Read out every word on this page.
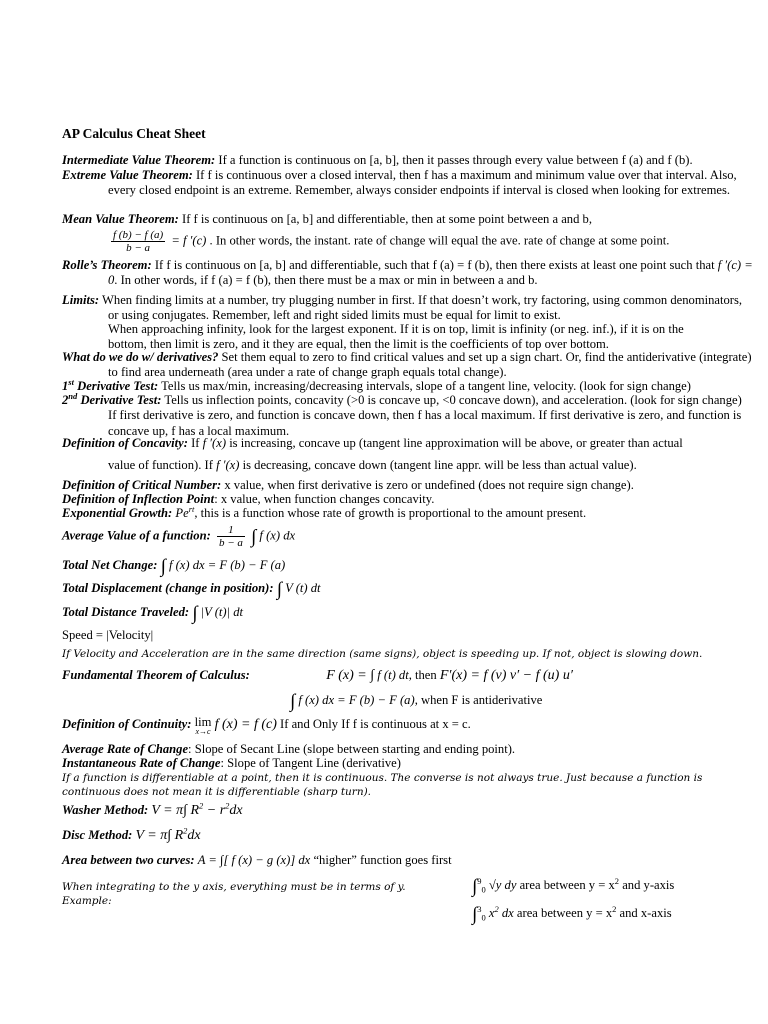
AP Calculus Cheat Sheet
Intermediate Value Theorem: If a function is continuous on [a, b], then it passes through every value between f (a) and f (b).
Extreme Value Theorem: If f is continuous over a closed interval, then f has a maximum and minimum value over that interval. Also, every closed endpoint is an extreme. Remember, always consider endpoints if interval is closed when looking for extremes.
Mean Value Theorem: If f is continuous on [a, b] and differentiable, then at some point between a and b,
$\frac{f (b) - f (a)}{b - a} = f$ ′(c) . In other words, the instant. rate of change will equal the ave. rate of change at some point.
Rolle’s Theorem: If f is continuous on [a, b] and differentiable, such that f (a) = f (b), then there exists at least one point such that f ′(c) = 0. In other words, if f (a) = f (b), then there must be a max or min in between a and b.
Limits: When finding limits at a number, try plugging number in first. If that doesn’t work, try factoring, using common denominators, or using conjugates. Remember, left and right sided limits must be equal for limit to exist.
When approaching infinity, look for the largest exponent. If it is on top, limit is infinity (or neg. inf.), if it is on the bottom, then limit is zero, and it they are equal, then the limit is the coefficients of top over bottom.
What do we do w/ derivatives? Set them equal to zero to find critical values and set up a sign chart. Or, find the antiderivative (integrate) to find area underneath (area under a rate of change graph equals total change).
1st Derivative Test: Tells us max/min, increasing/decreasing intervals, slope of a tangent line, velocity. (look for sign change)
2nd Derivative Test: Tells us inflection points, concavity (>0 is concave up, <0 concave down), and acceleration. (look for sign change) If first derivative is zero, and function is concave down, then f has a local maximum. If first derivative is zero, and function is concave up, f has a local maximum.
Definition of Concavity: If f ′(x) is increasing, concave up (tangent line approximation will be above, or greater than actual
value of function). If f ′(x) is decreasing, concave down (tangent line appr. will be less than actual value).
Definition of Critical Number: x value, when first derivative is zero or undefined (does not require sign change).
Definition of Inflection Point: x value, when function changes concavity.
Exponential Growth: $Pe^{rt}$, this is a function whose rate of growth is proportional to the amount present.
Average Value of a function: $\frac{1}{b - a}$ ∫ f (x) dx
Total Net Change: ∫ f (x) dx = F (b) − F (a)
Total Displacement (change in position): ∫ V (t) dt
Total Distance Traveled: ∫ |V (t)| dt
Speed = |Velocity|
If Velocity and Acceleration are in the same direction (same signs), object is speeding up. If not, object is slowing down.
Fundamental Theorem of Calculus:	F (x) = ∫ f (t) dt, then F′(x) = f (v) v′ − f (u) u′
∫ f (x) dx = F (b) − F (a), when F is antiderivative
Definition of Continuity: lim
x→c f (x) = f (c) If and Only If f is continuous at x = c.
Average Rate of Change: Slope of Secant Line (slope between starting and ending point).
Instantaneous Rate of Change: Slope of Tangent Line (derivative)
If a function is differentiable at a point, then it is continuous. The converse is not always true. Just because a function is continuous does not mean it is differentiable (sharp turn).
Washer Method: V = π∫ $R^2 - r^2dx$
Disc Method: V = π∫ $R^2dx$
Area between two curves: A = ∫[ f (x) − g (x)] dx “higher” function goes first
When integrating to the y axis, everything must be in terms of y. Example:
∫$^9_0$ √y dy area between $y = x^2$ and y-axis
∫$^3_0$ $x^2$ dx area between $y = x^2$ and x-axis
